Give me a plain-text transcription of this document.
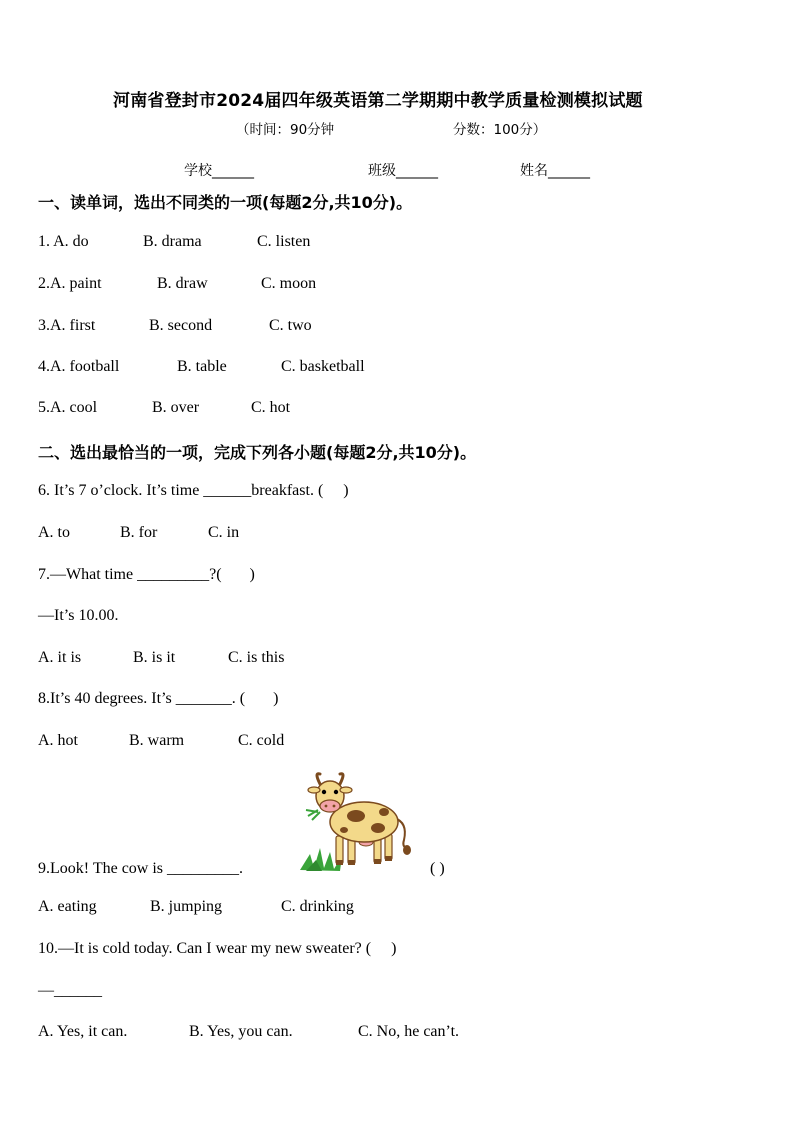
河南省登封市2024届四年级英语第二学期期中教学质量检测模拟试题
（时间：90分钟	分数：100分）
学校______	班级______	姓名______
一、读单词，选出不同类的一项(每题2分,共10分)。
1. A. do	B. drama	C. listen
2.A. paint	B. draw	C. moon
3.A. first	B. second	C. two
4.A. football	B. table	C. basketball
5.A. cool	B. over	C. hot
二、选出最恰当的一项，完成下列各小题(每题2分,共10分)。
6. It’s 7 o’clock. It’s time ______breakfast. (     )
A. to	B. for	C. in
7.—What time _________?(       )
—It’s 10.00.
A. it is	B. is it	C. is this
8.It’s 40 degrees. It’s _______. (       )
A. hot	B. warm	C. cold
9.Look! The cow is _________.	( )
A. eating	B. jumping	C. drinking
10.—It is cold today. Can I wear my new sweater? (     )
—______
A. Yes, it can.	B. Yes, you can.	C. No, he can’t.
